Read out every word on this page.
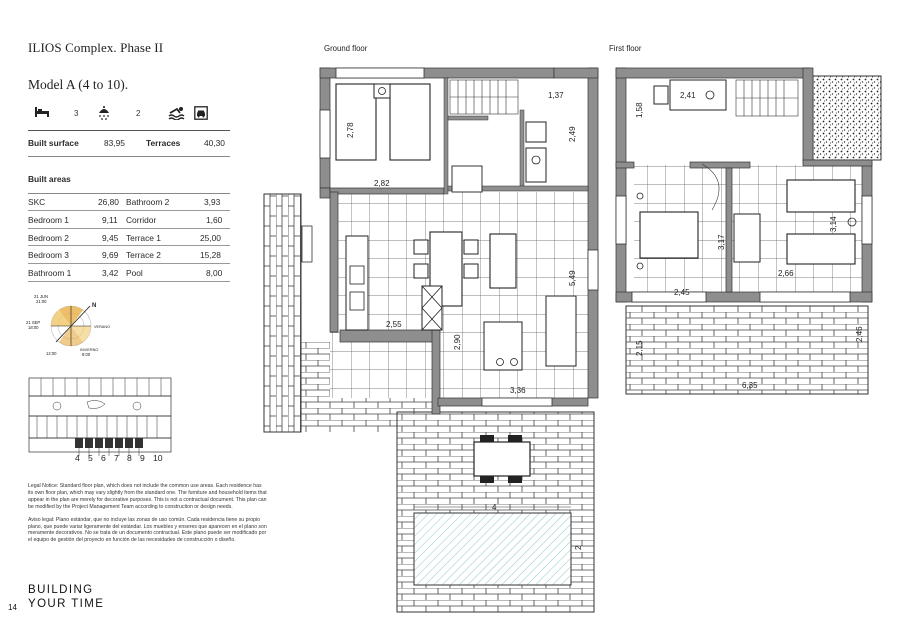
ILIOS Complex. Phase II
Model A (4 to 10).
3	2
Built surface	83,95	Terraces	40,30
Built areas
SKC	26,80 Bathroom 2	3,93
Bedroom 1	9,11 Corridor	1,60
Bedroom 2	9,45 Terrace 1	25,00
Bedroom 3	9,69 Terrace 2	15,28
Bathroom 1	3,42 Pool	8,00
21 JUN
21:00
N
21 SEP
18:00	VERANO
12:00
INVIERNO
8:00
4 5 6 7 8 9 10

Legal Notice: Standard floor plan, which does not include the common use areas. Each residence has its own floor plan, which may vary slightly from the standard one. The furniture and household items that appear in the plan are merely for decorative purposes. This is not a contractual document. This plan can be modified by the Project Management Team according to construction or design needs.

Aviso legal: Plano estándar, que no incluye las zonas de uso común. Cada residencia tiene su propio plano, que puede variar ligeramente del estándar. Los muebles y enseres que aparecen en el plano son meramente decorativos. No se trata de un documento contractual. Este plano puede ser modificado por el equipo de gestión del proyecto en función de las necesidades de construcción o diseño.

BUILDING
YOUR TIME
14
Ground floor	First floor
2,78
2,82
1,37
2,49
5,49
2,55
2,90
3,36
4
2
1,58
2,41
3,17
3,14
2,66
2,45
2,15
2,46
6,35
